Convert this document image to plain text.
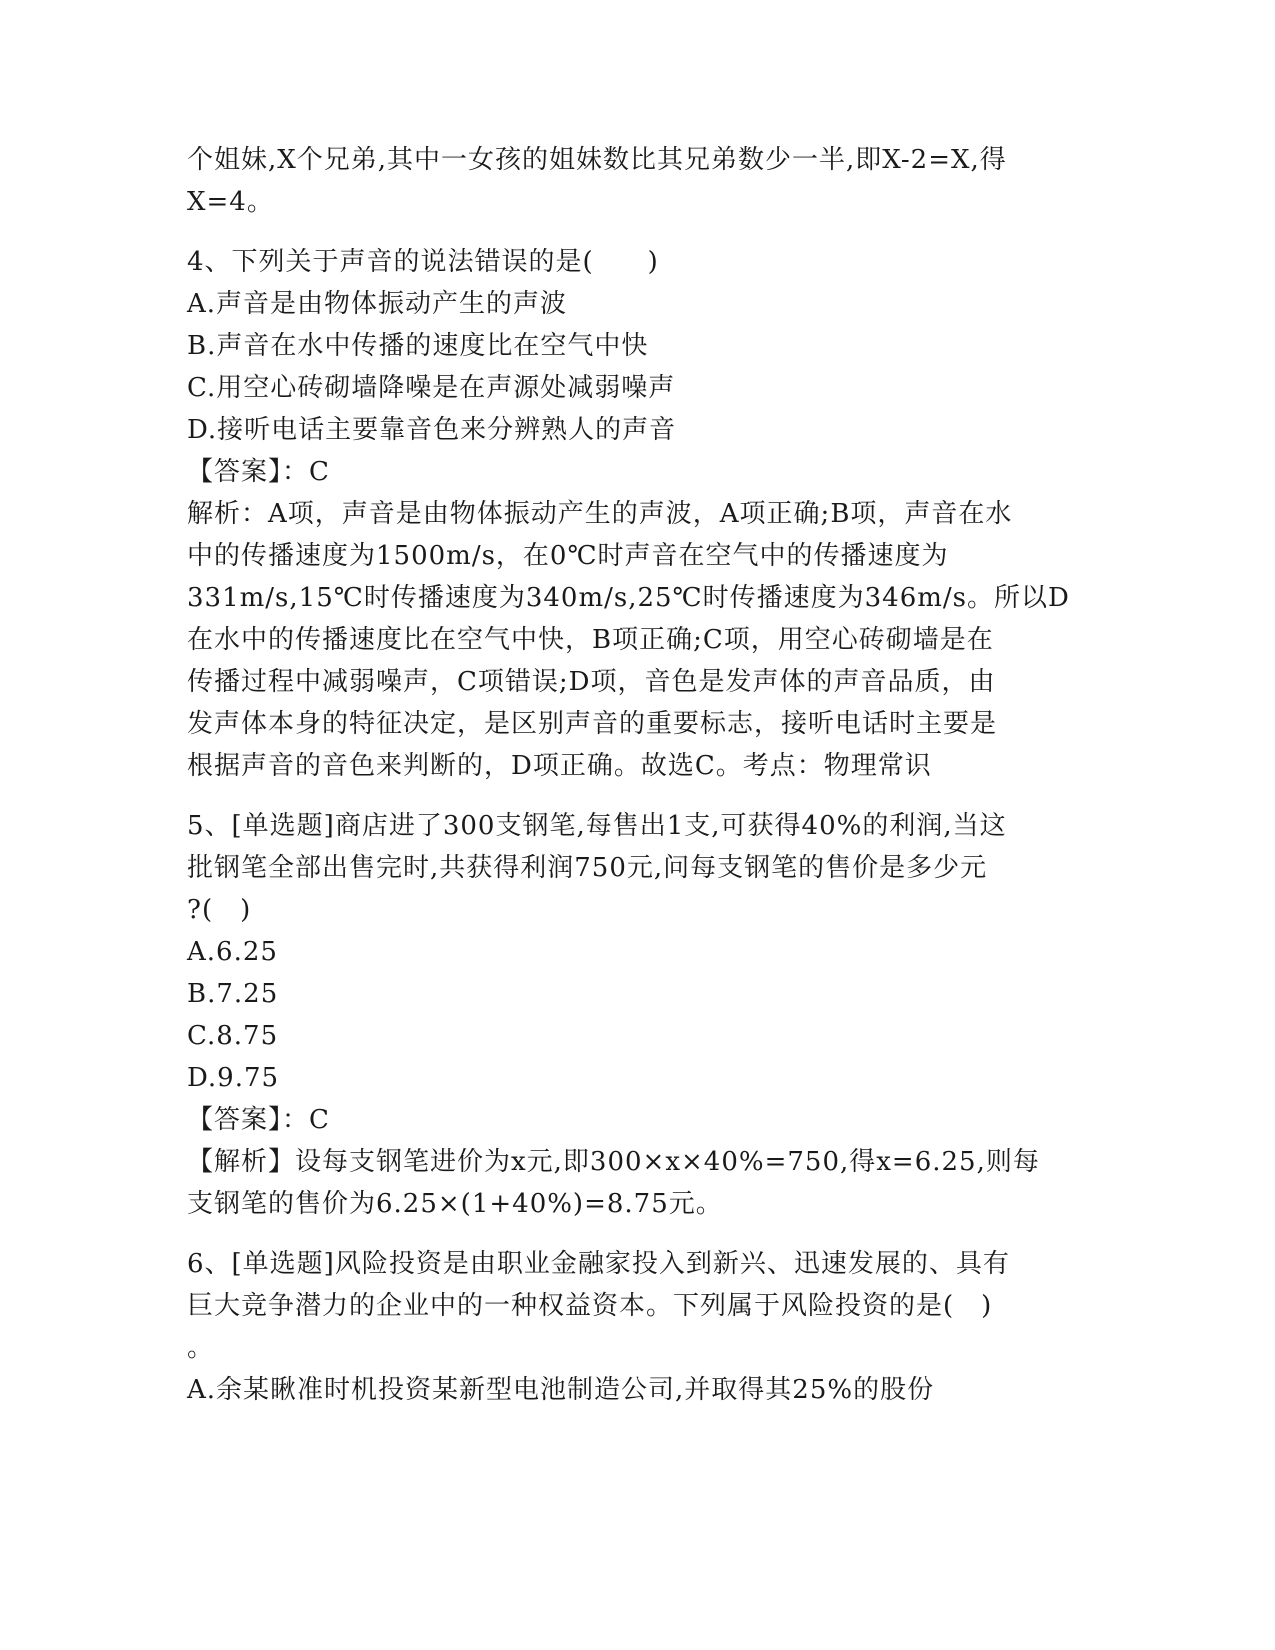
个姐妹,X个兄弟,其中一女孩的姐妹数比其兄弟数少一半,即X-2=X,得

X=4。

4、下列关于声音的说法错误的是(　　)

A.声音是由物体振动产生的声波

B.声音在水中传播的速度比在空气中快

C.用空心砖砌墙降噪是在声源处减弱噪声

D.接听电话主要靠音色来分辨熟人的声音

【答案】：C

解析：A项，声音是由物体振动产生的声波，A项正确;B项，声音在水

中的传播速度为1500m/s，在0℃时声音在空气中的传播速度为

331m/s,15℃时传播速度为340m/s,25℃时传播速度为346m/s。所以D

在水中的传播速度比在空气中快，B项正确;C项，用空心砖砌墙是在

传播过程中减弱噪声，C项错误;D项，音色是发声体的声音品质，由

发声体本身的特征决定，是区别声音的重要标志，接听电话时主要是

根据声音的音色来判断的，D项正确。故选C。考点：物理常识

5、[单选题]商店进了300支钢笔,每售出1支,可获得40%的利润,当这

批钢笔全部出售完时,共获得利润750元,问每支钢笔的售价是多少元

?(　)

A.6.25

B.7.25

C.8.75

D.9.75

【答案】：C

【解析】设每支钢笔进价为x元,即300×x×40%=750,得x=6.25,则每

支钢笔的售价为6.25×(1+40%)=8.75元。

6、[单选题]风险投资是由职业金融家投入到新兴、迅速发展的、具有

巨大竞争潜力的企业中的一种权益资本。下列属于风险投资的是(　)

。

A.余某瞅准时机投资某新型电池制造公司,并取得其25%的股份
